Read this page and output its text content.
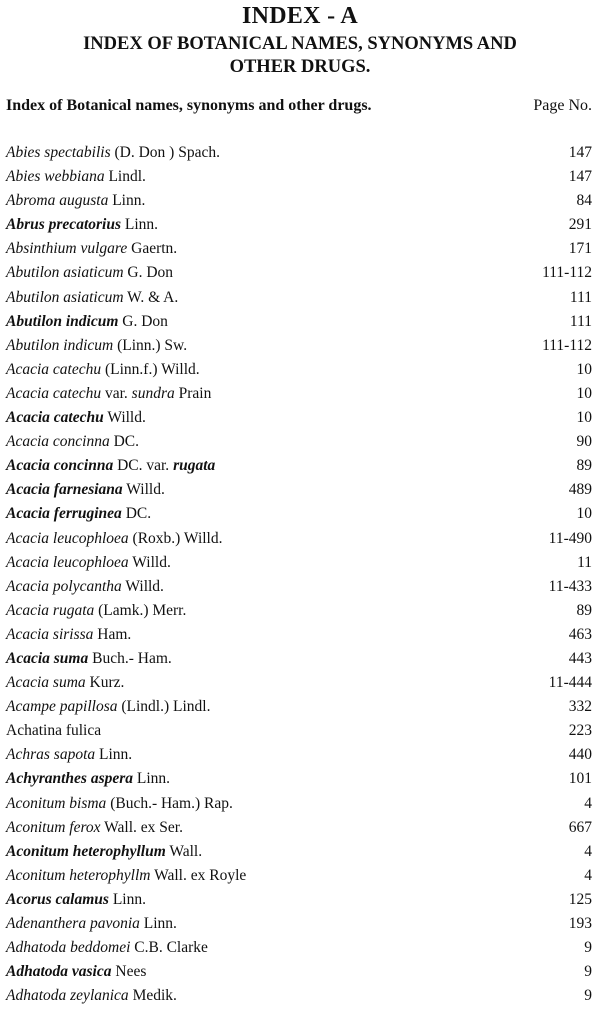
INDEX - A
INDEX OF BOTANICAL NAMES, SYNONYMS AND
OTHER DRUGS.
Index of Botanical names, synonyms and other drugs.	Page No.
Abies spectabilis (D. Don ) Spach.	147
Abies webbiana Lindl.	147
Abroma augusta Linn.	84
Abrus precatorius Linn.	291
Absinthium vulgare Gaertn.	171
Abutilon asiaticum G. Don	111-112
Abutilon asiaticum W. & A.	111
Abutilon indicum G. Don	111
Abutilon indicum (Linn.) Sw.	111-112
Acacia catechu (Linn.f.) Willd.	10
Acacia catechu var. sundra Prain	10
Acacia catechu Willd.	10
Acacia concinna DC.	90
Acacia concinna DC. var. rugata	89
Acacia farnesiana Willd.	489
Acacia ferruginea DC.	10
Acacia leucophloea (Roxb.) Willd.	11-490
Acacia leucophloea Willd.	11
Acacia polycantha Willd.	11-433
Acacia rugata (Lamk.) Merr.	89
Acacia sirissa Ham.	463
Acacia suma Buch.- Ham.	443
Acacia suma Kurz.	11-444
Acampe papillosa (Lindl.) Lindl.	332
Achatina fulica	223
Achras sapota Linn.	440
Achyranthes aspera Linn.	101
Aconitum bisma (Buch.- Ham.) Rap.	4
Aconitum ferox Wall. ex Ser.	667
Aconitum heterophyllum Wall.	4
Aconitum heterophyllm Wall. ex Royle	4
Acorus calamus Linn.	125
Adenanthera pavonia Linn.	193
Adhatoda beddomei C.B. Clarke	9
Adhatoda vasica Nees	9
Adhatoda zeylanica Medik.	9
